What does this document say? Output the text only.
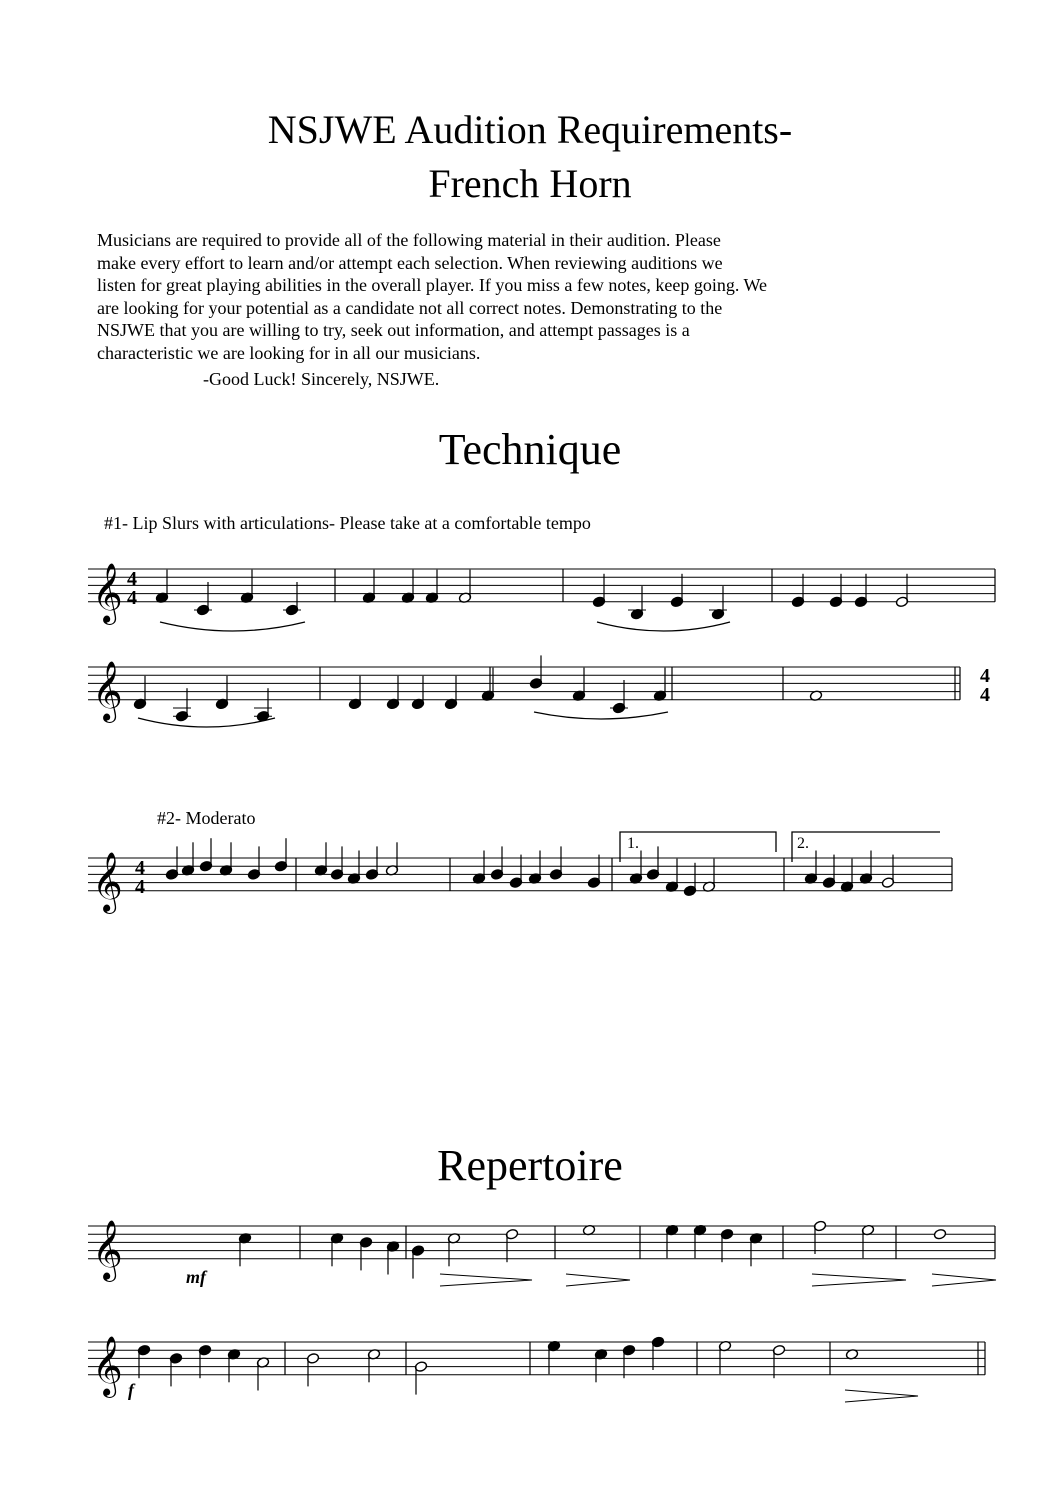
NSJWE Audition Requirements-
French Horn
Musicians are required to provide all of the following material in their audition. Please
make every effort to learn and/or attempt each selection. When reviewing auditions we
listen for great playing abilities in the overall player. If you miss a few notes, keep going. We
are looking for your potential as a candidate not all correct notes. Demonstrating to the
NSJWE that you are willing to try, seek out information, and attempt passages is a
characteristic we are looking for in all our musicians.
-Good Luck! Sincerely, NSJWE.
Technique
#1- Lip Slurs with articulations- Please take at a comfortable tempo
#2- Moderato
Repertoire
𝄞
𝄞
𝄞
𝄞
𝄞
4
4
4
4
4
4
1.	2.
mf
f
